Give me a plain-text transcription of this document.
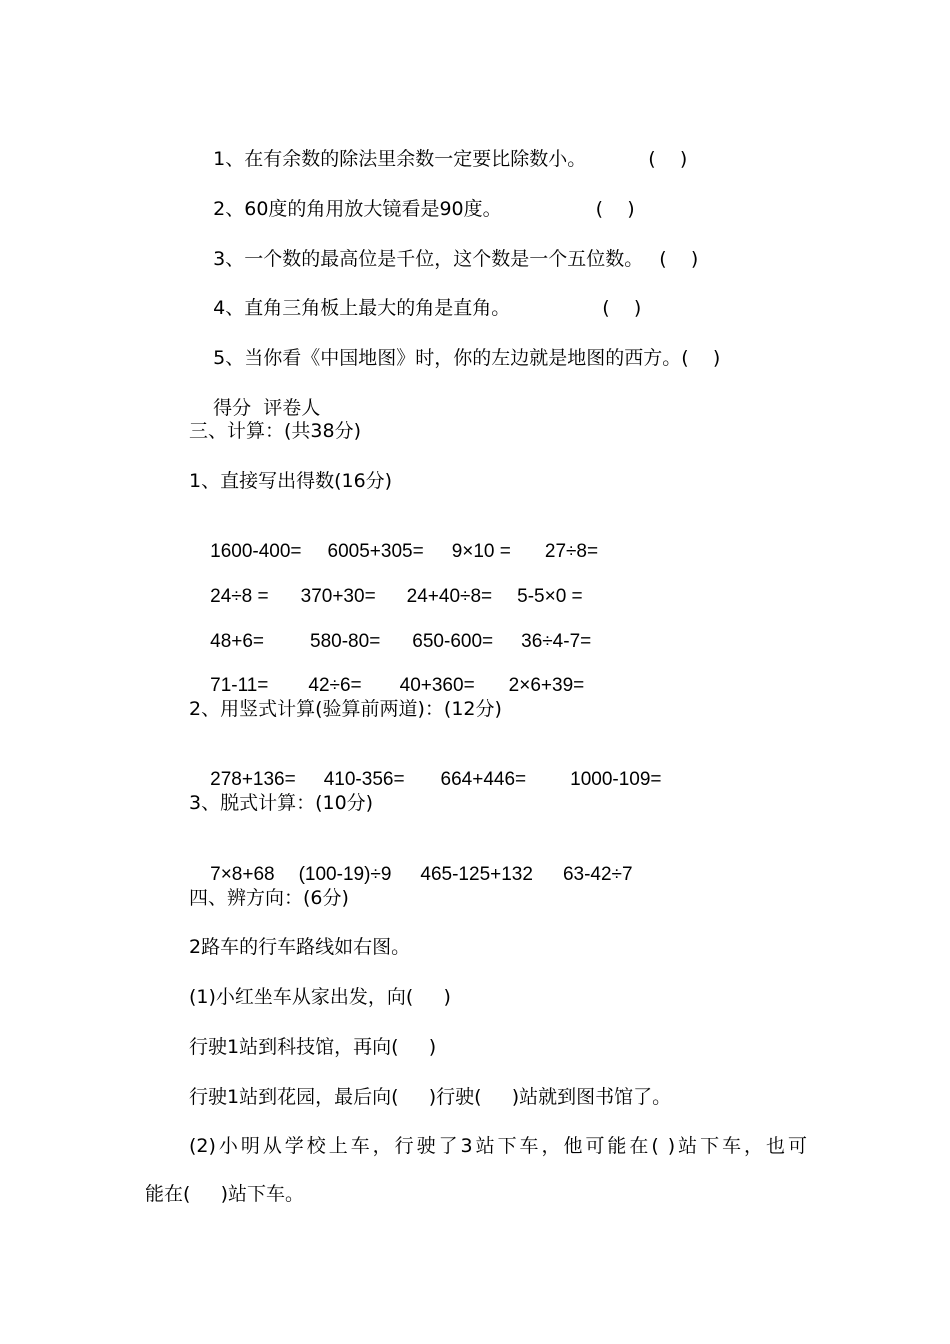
1、在有余数的除法里余数一定要比除数小。	(    )

2、60度的角用放大镜看是90度。	(    )

3、一个数的最高位是千位，这个数是一个五位数。 (    )

4、直角三角板上最大的角是直角。	(    )

5、当你看《中国地图》时，你的左边就是地图的西方。(    )

得分 评卷人

三、计算：(共38分)
1、直接写出得数(16分)

1600-400= 6005+305= 9×10 = 27÷8=

24÷8 = 370+30= 24+40÷8= 5-5×0 =

48+6= 580-80= 650-600= 36÷4-7=

71-11= 42÷6= 40+360= 2×6+39=

2、用竖式计算(验算前两道)：(12分)

278+136= 410-356= 664+446= 1000-109=

3、脱式计算：(10分)

7×8+68 (100-19)÷9 465-125+132 63-42÷7

四、辨方向：(6分)
2路车的行车路线如右图。
(1)小红坐车从家出发，向(     )
行驶1站到科技馆，再向(     )
行驶1站到花园，最后向(     )行驶(     )站就到图书馆了。
(2)小明从学校上车，行驶了3站下车，他可能在( )站下车，也可
能在(     )站下车。
